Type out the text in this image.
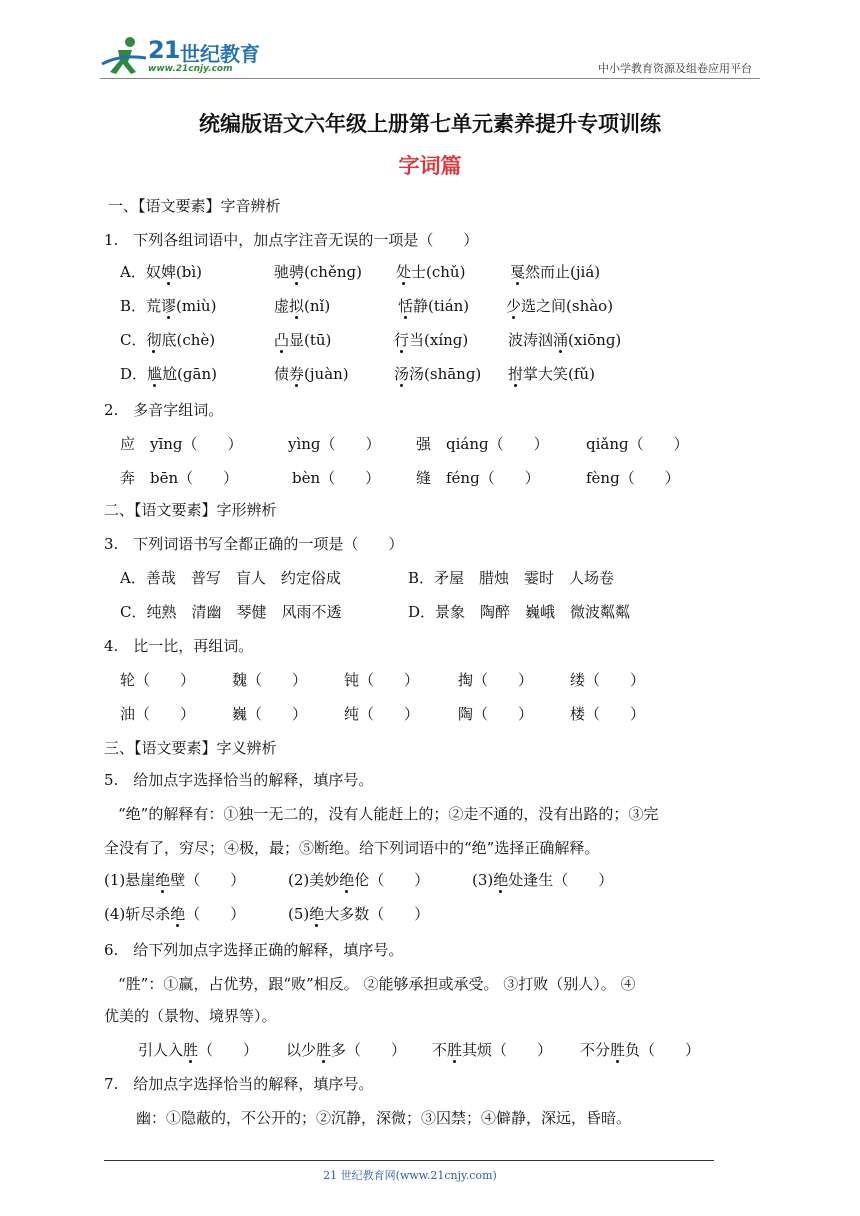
21 世纪教育
www.21cnjy.com	中小学教育资源及组卷应用平台
统编版语文六年级上册第七单元素养提升专项训练
字词篇
一、【语文要素】字音辨析
1.　下列各组词语中，加点字注音无误的一项是（　　）
A．奴婢(bì)	驰骋(chěnɡ) 处士(chǔ)	戛然而止(jiá)
B．荒谬(miù)	虚拟(nǐ)	恬静(tián) 少选之间(shào)
C．彻底(chè)	凸显(tū)	行当(xínɡ)	波涛汹涌(xiōnɡ)
D．尴尬(ɡān)	债券(juàn)	汤汤(shānɡ) 拊掌大笑(fǔ)
2.　多音字组词。
应　yīnɡ（　　）	yìnɡ（　　） 强　qiánɡ（　　） qiǎnɡ（　　）
奔　bēn（　　）	bèn（　　） 缝　fénɡ（　　）	fènɡ（　　）
二、【语文要素】字形辨析
3.　下列词语书写全都正确的一项是（　　）
A．善哉　普写　盲人　约定俗成	B．矛屋　腊烛　霎时　人场卷
C．纯熟　清幽　琴健　风雨不透	D．景象　陶醉　巍峨　微波粼粼
4.　比一比，再组词。
轮（　　） 魏（　　） 钝（　　）	掏（　　） 缕（　　）
油（　　） 巍（　　） 纯（　　）	陶（　　） 楼（　　）
三、【语文要素】字义辨析
5.　给加点字选择恰当的解释，填序号。
“绝”的解释有：①独一无二的，没有人能赶上的；②走不通的，没有出路的；③完
全没有了，穷尽；④极，最；⑤断绝。给下列词语中的“绝”选择正确解释。
(1)悬崖绝壁（　　）	(2)美妙绝伦（　　）	(3)绝处逢生（　　）
(4)斩尽杀绝（　　）	(5)绝大多数（　　）
6.　给下列加点字选择正确的解释，填序号。
“胜”：①赢，占优势，跟“败”相反。 ②能够承担或承受。 ③打败（别人）。 ④
优美的（景物、境界等）。
引人入胜（　　） 以少胜多（　　） 不胜其烦（　　） 不分胜负（　　）
7.　给加点字选择恰当的解释，填序号。
幽：①隐蔽的，不公开的；②沉静，深微；③囚禁；④僻静，深远，昏暗。
21 世纪教育网(www.21cnjy.com)
